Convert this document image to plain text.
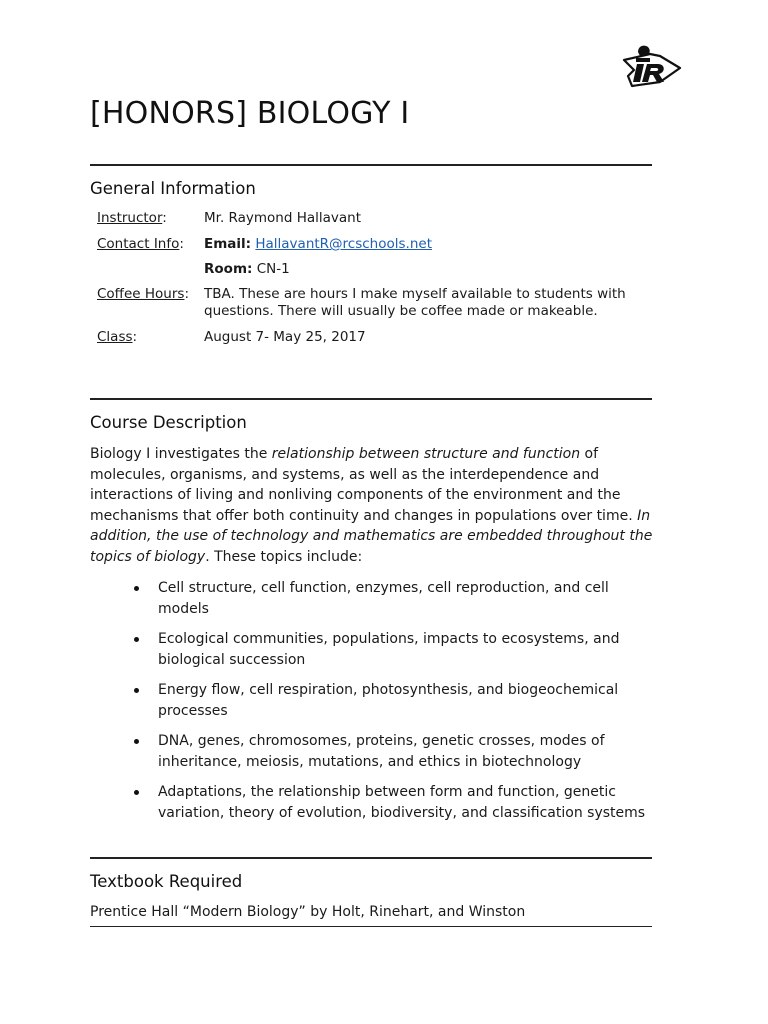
[HONORS] BIOLOGY I
General Information
Instructor:	Mr. Raymond Hallavant
Contact Info: Email: HallavantR@rcschools.net
Room: CN-1
Coffee Hours: TBA. These are hours I make myself available to students with questions. There will usually be coffee made or makeable.
Class:	August 7- May 25, 2017
Course Description

Biology I investigates the relationship between structure and function of molecules, organisms, and systems, as well as the interdependence and interactions of living and nonliving components of the environment and the mechanisms that offer both continuity and changes in populations over time. In addition, the use of technology and mathematics are embedded throughout the topics of biology. These topics include:

Cell structure, cell function, enzymes, cell reproduction, and cell models
Ecological communities, populations, impacts to ecosystems, and biological succession
Energy flow, cell respiration, photosynthesis, and biogeochemical processes
DNA, genes, chromosomes, proteins, genetic crosses, modes of inheritance, meiosis, mutations, and ethics in biotechnology
Adaptations, the relationship between form and function, genetic variation, theory of evolution, biodiversity, and classification systems
Textbook Required
Prentice Hall “Modern Biology” by Holt, Rinehart, and Winston
